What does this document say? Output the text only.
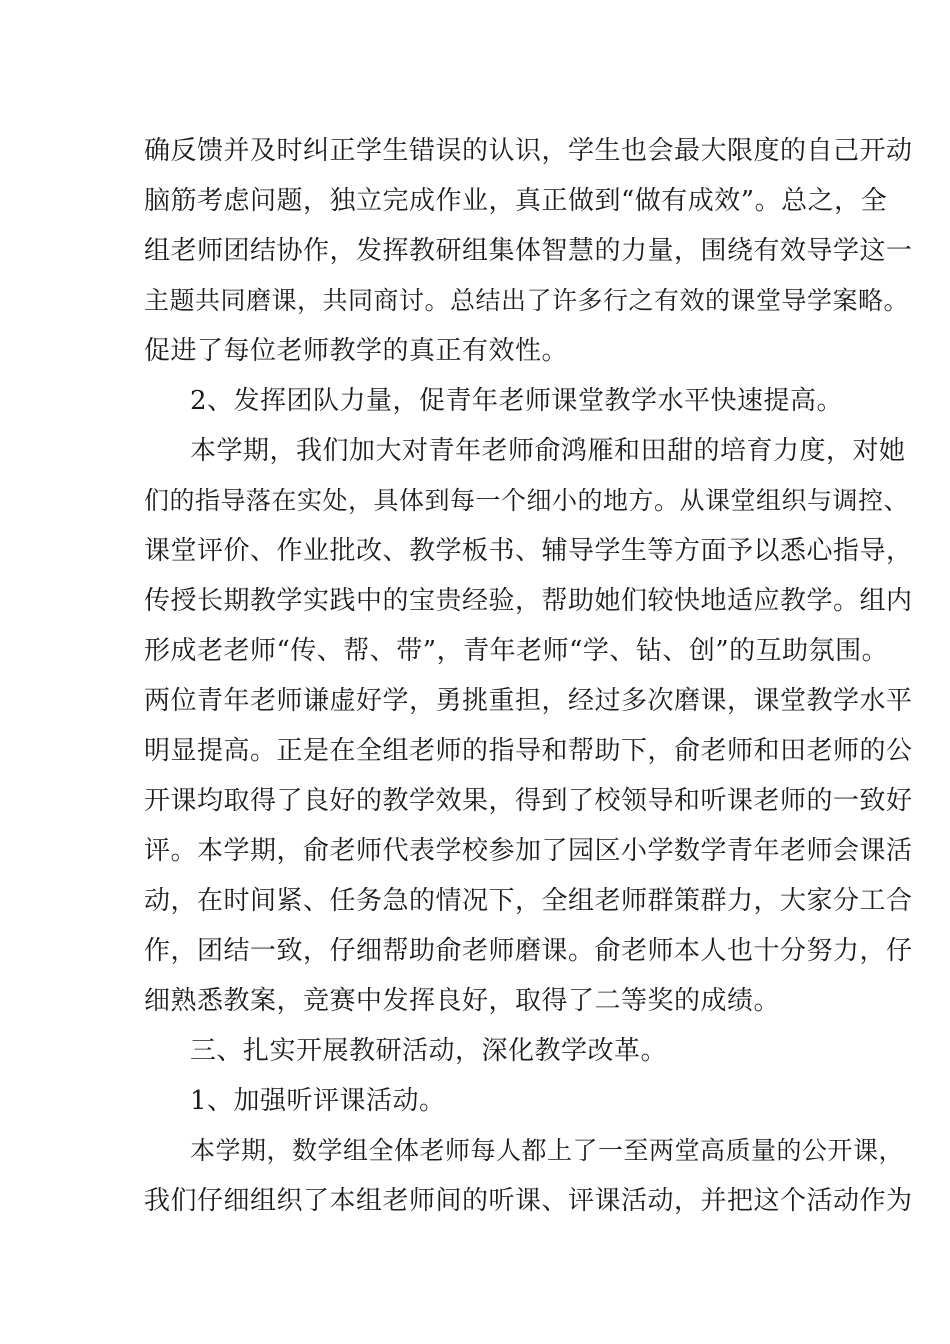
确反馈并及时纠正学生错误的认识，学生也会最大限度的自己开动
脑筋考虑问题，独立完成作业，真正做到“做有成效”。总之，全
组老师团结协作，发挥教研组集体智慧的力量，围绕有效导学这一
主题共同磨课，共同商讨。总结出了许多行之有效的课堂导学案略。
促进了每位老师教学的真正有效性。
2、发挥团队力量，促青年老师课堂教学水平快速提高。
本学期，我们加大对青年老师俞鸿雁和田甜的培育力度，对她
们的指导落在实处，具体到每一个细小的地方。从课堂组织与调控、
课堂评价、作业批改、教学板书、辅导学生等方面予以悉心指导，
传授长期教学实践中的宝贵经验，帮助她们较快地适应教学。组内
形成老老师“传、帮、带”，青年老师“学、钻、创”的互助氛围。
两位青年老师谦虚好学，勇挑重担，经过多次磨课，课堂教学水平
明显提高。正是在全组老师的指导和帮助下，俞老师和田老师的公
开课均取得了良好的教学效果，得到了校领导和听课老师的一致好
评。本学期，俞老师代表学校参加了园区小学数学青年老师会课活
动，在时间紧、任务急的情况下，全组老师群策群力，大家分工合
作，团结一致，仔细帮助俞老师磨课。俞老师本人也十分努力，仔
细熟悉教案，竞赛中发挥良好，取得了二等奖的成绩。
三、扎实开展教研活动，深化教学改革。
1、加强听评课活动。
本学期，数学组全体老师每人都上了一至两堂高质量的公开课，
我们仔细组织了本组老师间的听课、评课活动，并把这个活动作为
